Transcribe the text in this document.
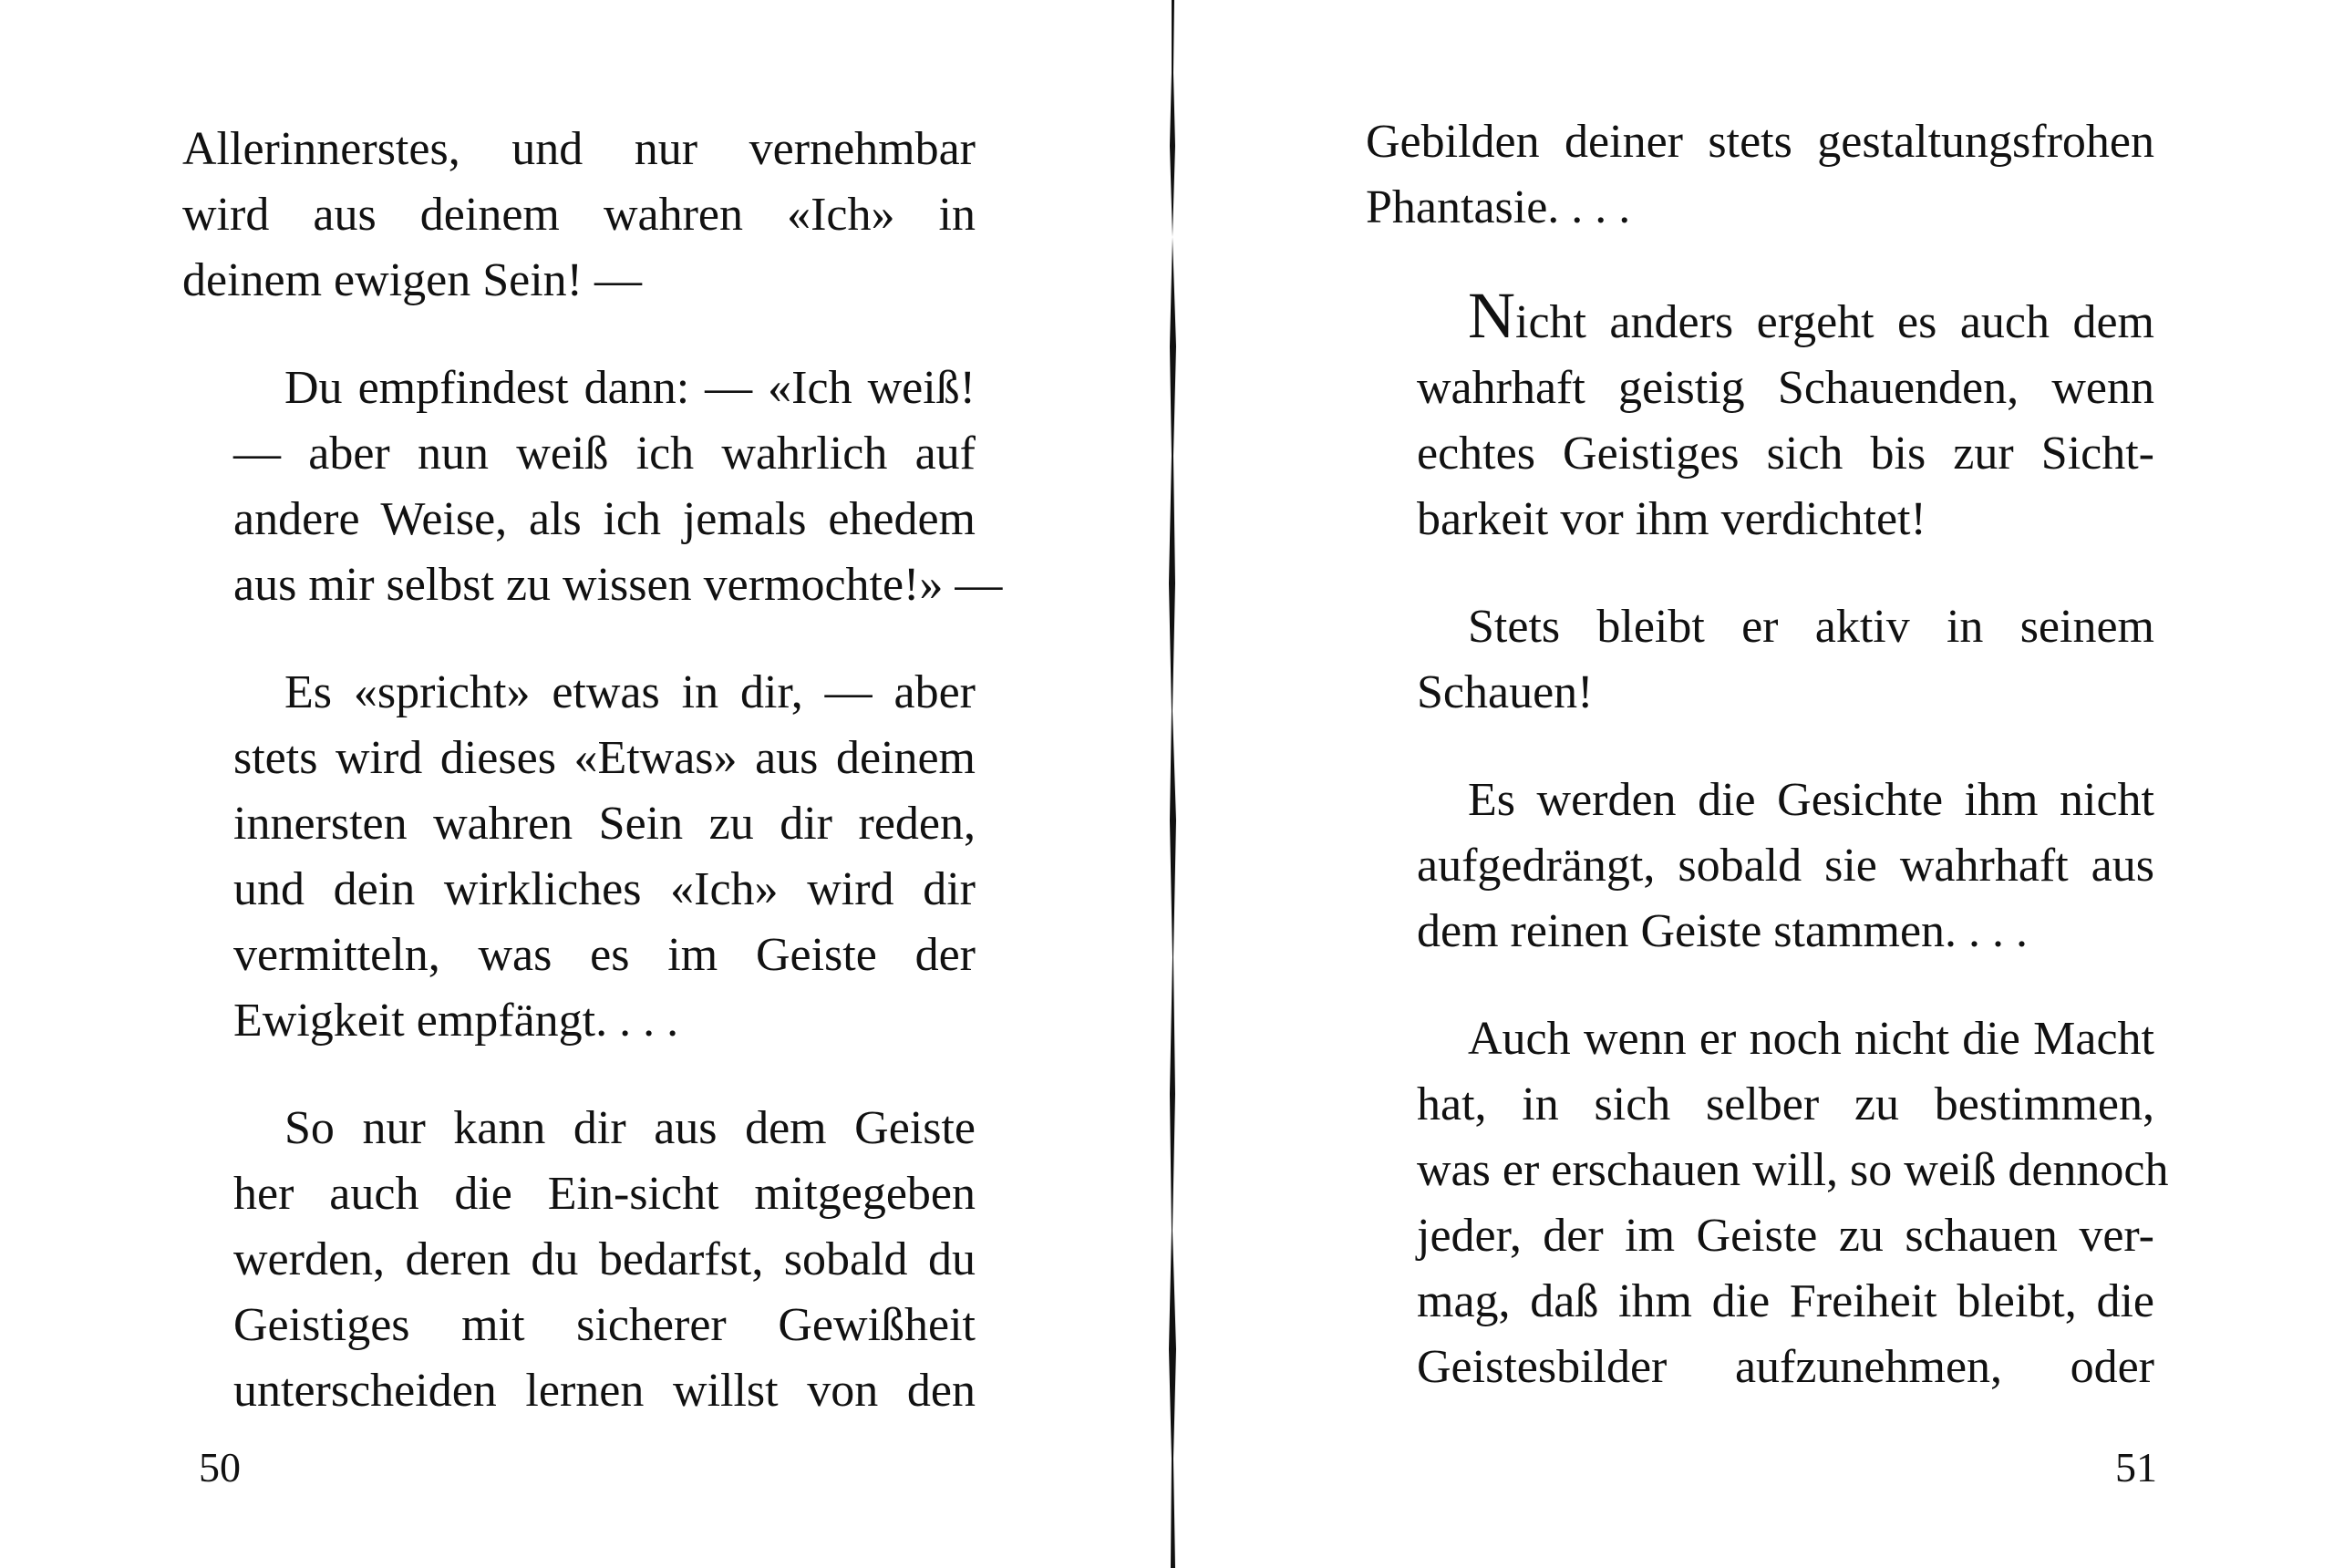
Allerinnerstes, und nur vernehmbar
wird aus deinem wahren «Ich» in
deinem ewigen Sein! —

Du empfindest dann: — «Ich weiß!
— aber nun weiß ich wahrlich auf
andere Weise, als ich jemals ehedem
aus mir selbst zu wissen vermochte!» —

Es «spricht» etwas in dir, — aber
stets wird dieses «Etwas» aus deinem
innersten wahren Sein zu dir reden,
und dein wirkliches «Ich» wird dir
vermitteln, was es im Geiste der
Ewigkeit empfängt. . . .

So nur kann dir aus dem Geiste
her auch die Ein-sicht mitgegeben
werden, deren du bedarfst, sobald du
Geistiges mit sicherer Gewißheit
unterscheiden lernen willst von den

50

Gebilden deiner stets gestaltungsfrohen
Phantasie. . . .

Nicht anders ergeht es auch dem
wahrhaft geistig Schauenden, wenn
echtes Geistiges sich bis zur Sicht-
barkeit vor ihm verdichtet!

Stets bleibt er aktiv in seinem
Schauen!

Es werden die Gesichte ihm nicht
aufgedrängt, sobald sie wahrhaft aus
dem reinen Geiste stammen. . . .

Auch wenn er noch nicht die Macht
hat, in sich selber zu bestimmen,
was er erschauen will, so weiß dennoch
jeder, der im Geiste zu schauen ver-
mag, daß ihm die Freiheit bleibt, die
Geistesbilder aufzunehmen, oder

51
